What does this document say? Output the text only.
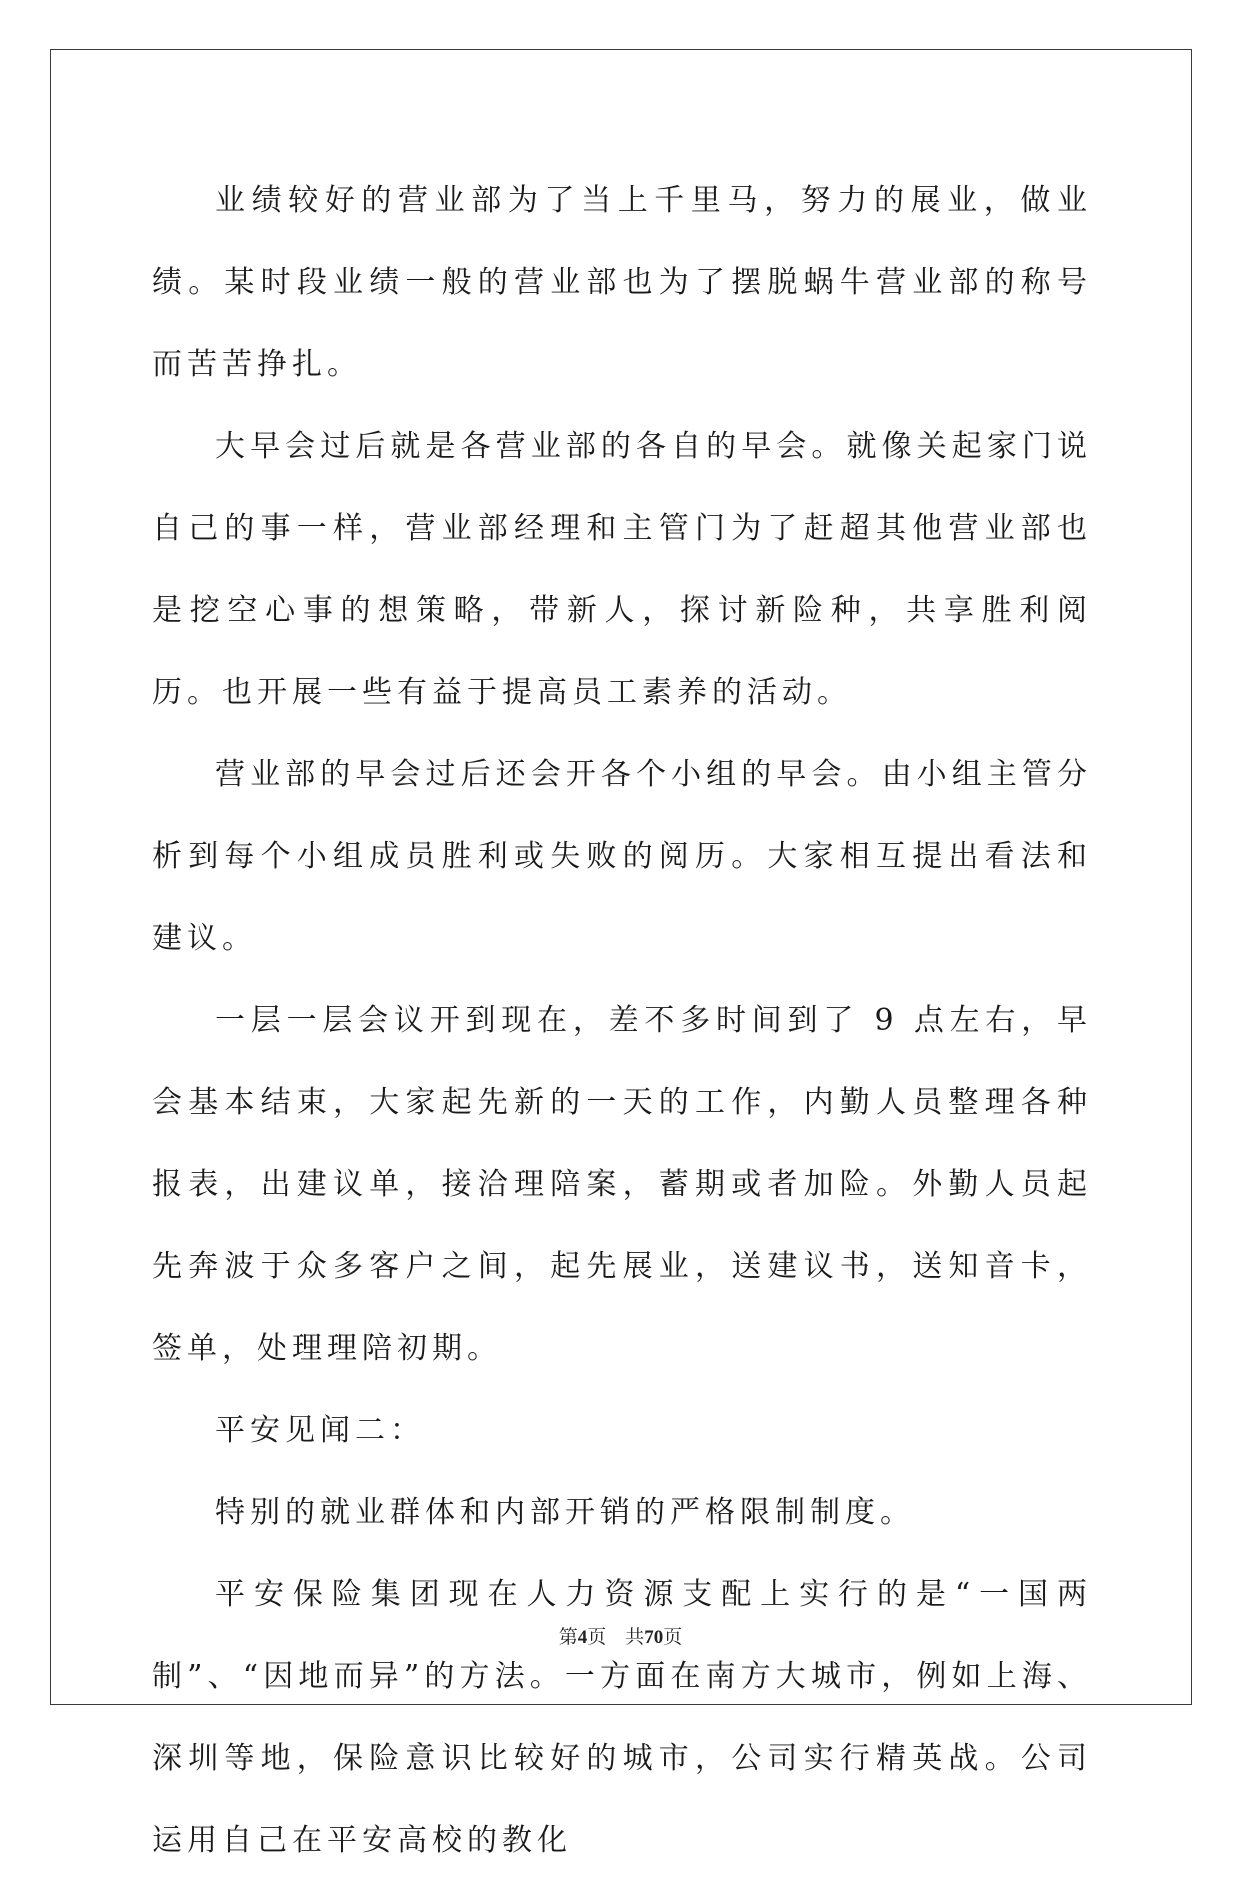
业绩较好的营业部为了当上千里马，努力的展业，做业绩。某时段业绩一般的营业部也为了摆脱蜗牛营业部的称号而苦苦挣扎。

大早会过后就是各营业部的各自的早会。就像关起家门说自己的事一样，营业部经理和主管门为了赶超其他营业部也是挖空心事的想策略，带新人，探讨新险种，共享胜利阅历。也开展一些有益于提高员工素养的活动。

营业部的早会过后还会开各个小组的早会。由小组主管分析到每个小组成员胜利或失败的阅历。大家相互提出看法和建议。

一层一层会议开到现在，差不多时间到了 9 点左右，早会基本结束，大家起先新的一天的工作，内勤人员整理各种报表，出建议单，接洽理陪案，蓄期或者加险。外勤人员起先奔波于众多客户之间，起先展业，送建议书，送知音卡，签单，处理理陪初期。

平安见闻二：

特别的就业群体和内部开销的严格限制制度。

平安保险集团现在人力资源支配上实行的是“一国两制”、“因地而异”的方法。一方面在南方大城市，例如上海、深圳等地，保险意识比较好的城市，公司实行精英战。公司运用自己在平安高校的教化

第4页　共70页
